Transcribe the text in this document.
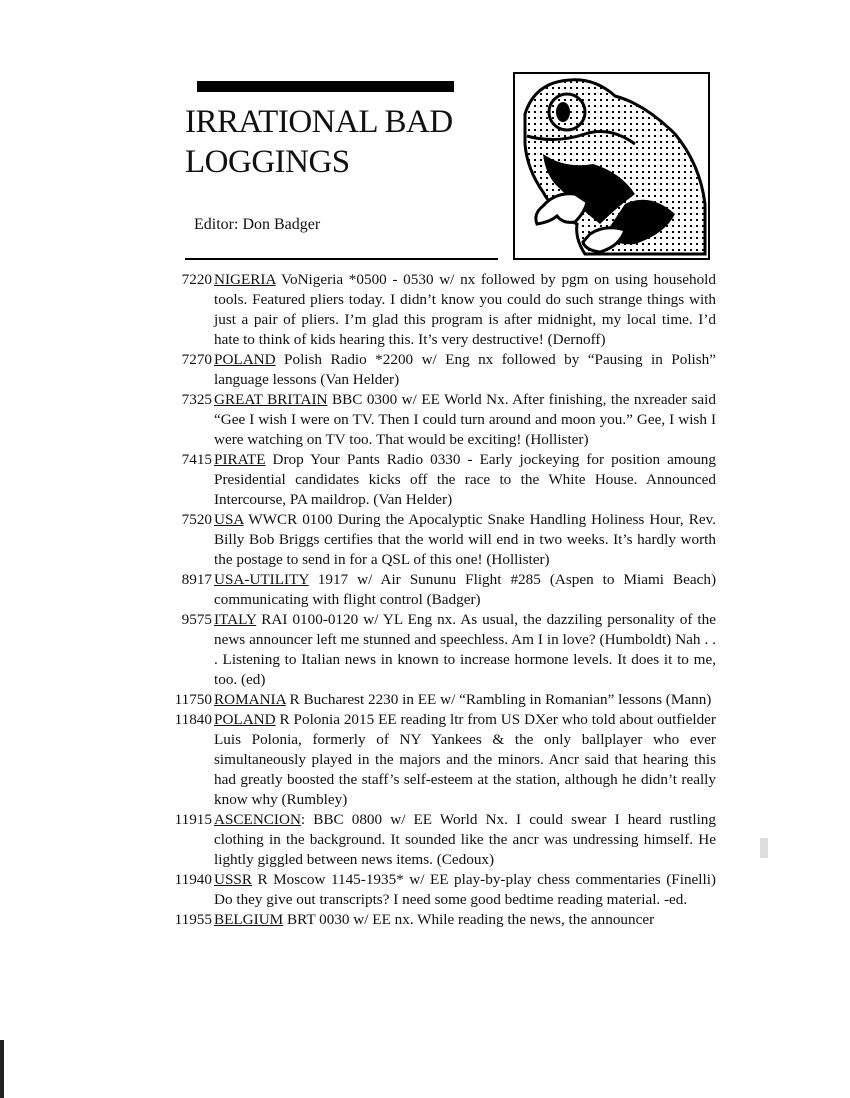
IRRATIONAL BAD
LOGGINGS
Editor: Don Badger
7220 NIGERIA VoNigeria *0500 - 0530 w/ nx followed by pgm on using household tools. Featured pliers today. I didn’t know you could do such strange things with just a pair of pliers. I’m glad this program is after midnight, my local time. I’d hate to think of kids hearing this. It’s very destructive! (Dernoff)
7270 POLAND Polish Radio *2200 w/ Eng nx followed by “Pausing in Polish” language lessons (Van Helder)
7325 GREAT BRITAIN BBC 0300 w/ EE World Nx. After finishing, the nxreader said “Gee I wish I were on TV. Then I could turn around and moon you.” Gee, I wish I were watching on TV too. That would be exciting! (Hollister)
7415 PIRATE Drop Your Pants Radio 0330 - Early jockeying for position amoung Presidential candidates kicks off the race to the White House. Announced Intercourse, PA maildrop. (Van Helder)
7520 USA WWCR 0100 During the Apocalyptic Snake Handling Holiness Hour, Rev. Billy Bob Briggs certifies that the world will end in two weeks. It’s hardly worth the postage to send in for a QSL of this one! (Hollister)
8917 USA-UTILITY 1917 w/ Air Sununu Flight #285 (Aspen to Miami Beach) communicating with flight control (Badger)
9575 ITALY RAI 0100-0120 w/ YL Eng nx. As usual, the dazziling personality of the news announcer left me stunned and speechless. Am I in love? (Humboldt) Nah . . . Listening to Italian news in known to increase hormone levels. It does it to me, too. (ed)
11750 ROMANIA R Bucharest 2230 in EE w/ “Rambling in Romanian” lessons (Mann)
11840 POLAND R Polonia 2015 EE reading ltr from US DXer who told about outfielder Luis Polonia, formerly of NY Yankees & the only ballplayer who ever simultaneously played in the majors and the minors. Ancr said that hearing this had greatly boosted the staff’s self-esteem at the station, although he didn’t really know why (Rumbley)
11915 ASCENCION: BBC 0800 w/ EE World Nx. I could swear I heard rustling clothing in the background. It sounded like the ancr was undressing himself. He lightly giggled between news items. (Cedoux)
11940 USSR R Moscow 1145-1935* w/ EE play-by-play chess commentaries (Finelli) Do they give out transcripts? I need some good bedtime reading material. -ed.
11955 BELGIUM BRT 0030 w/ EE nx. While reading the news, the announcer
